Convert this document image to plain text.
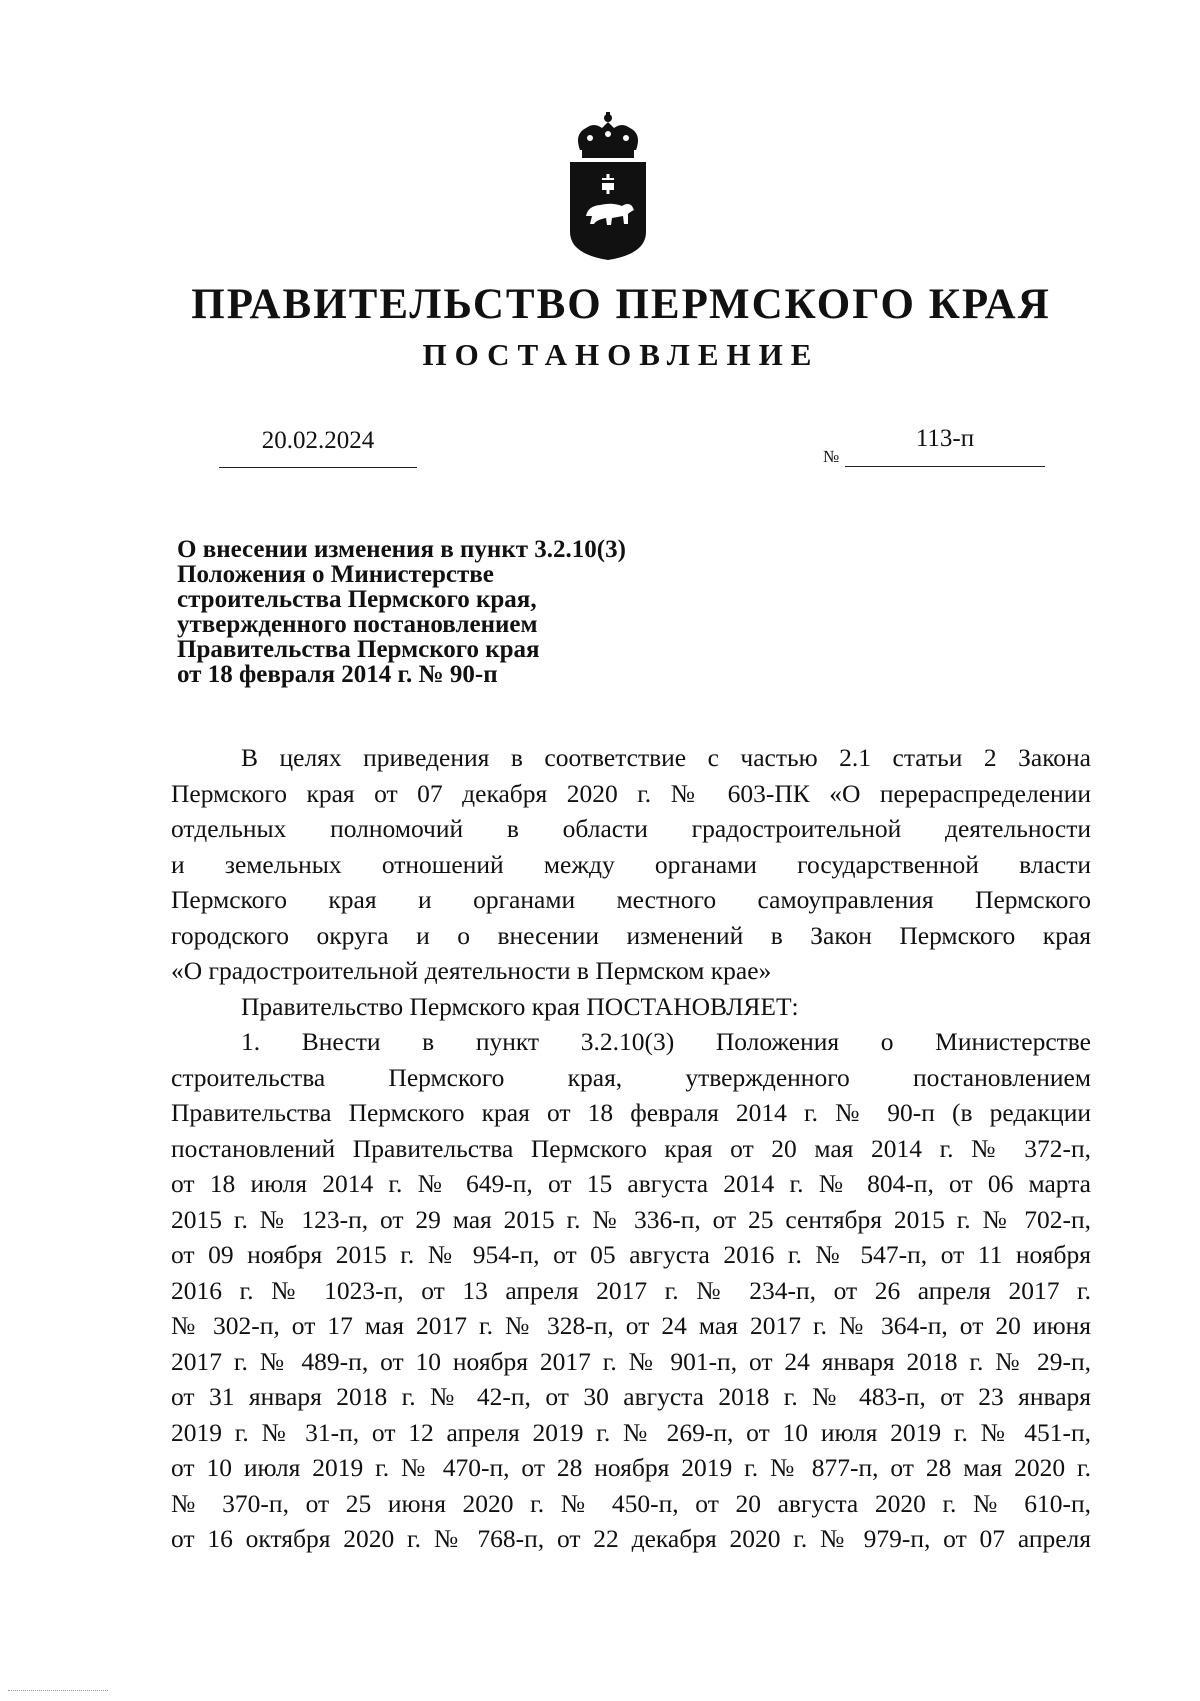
ПРАВИТЕЛЬСТВО ПЕРМСКОГО КРАЯ
ПОСТАНОВЛЕНИЕ
20.02.2024
№
113-п
О внесении изменения в пункт 3.2.10(3)
Положения о Министерстве
строительства Пермского края,
утвержденного постановлением
Правительства Пермского края
от 18 февраля 2014 г. № 90-п
В целях приведения в соответствие с частью 2.1 статьи 2 Закона
Пермского края от 07 декабря 2020 г. № 603-ПК «О перераспределении
отдельных полномочий в области градостроительной деятельности
и земельных отношений между органами государственной власти
Пермского края и органами местного самоуправления Пермского
городского округа и о внесении изменений в Закон Пермского края
«О градостроительной деятельности в Пермском крае»
Правительство Пермского края ПОСТАНОВЛЯЕТ:
1. Внести в пункт 3.2.10(3) Положения о Министерстве
строительства Пермского края, утвержденного постановлением
Правительства Пермского края от 18 февраля 2014 г. № 90-п (в редакции
постановлений Правительства Пермского края от 20 мая 2014 г. № 372-п,
от 18 июля 2014 г. № 649-п, от 15 августа 2014 г. № 804-п, от 06 марта
2015 г. № 123-п, от 29 мая 2015 г. № 336-п, от 25 сентября 2015 г. № 702-п,
от 09 ноября 2015 г. № 954-п, от 05 августа 2016 г. № 547-п, от 11 ноября
2016 г. № 1023-п, от 13 апреля 2017 г. № 234-п, от 26 апреля 2017 г.
№ 302-п, от 17 мая 2017 г. № 328-п, от 24 мая 2017 г. № 364-п, от 20 июня
2017 г. № 489-п, от 10 ноября 2017 г. № 901-п, от 24 января 2018 г. № 29-п,
от 31 января 2018 г. № 42-п, от 30 августа 2018 г. № 483-п, от 23 января
2019 г. № 31-п, от 12 апреля 2019 г. № 269-п, от 10 июля 2019 г. № 451-п,
от 10 июля 2019 г. № 470-п, от 28 ноября 2019 г. № 877-п, от 28 мая 2020 г.
№ 370-п, от 25 июня 2020 г. № 450-п, от 20 августа 2020 г. № 610-п,
от 16 октября 2020 г. № 768-п, от 22 декабря 2020 г. № 979-п, от 07 апреля
